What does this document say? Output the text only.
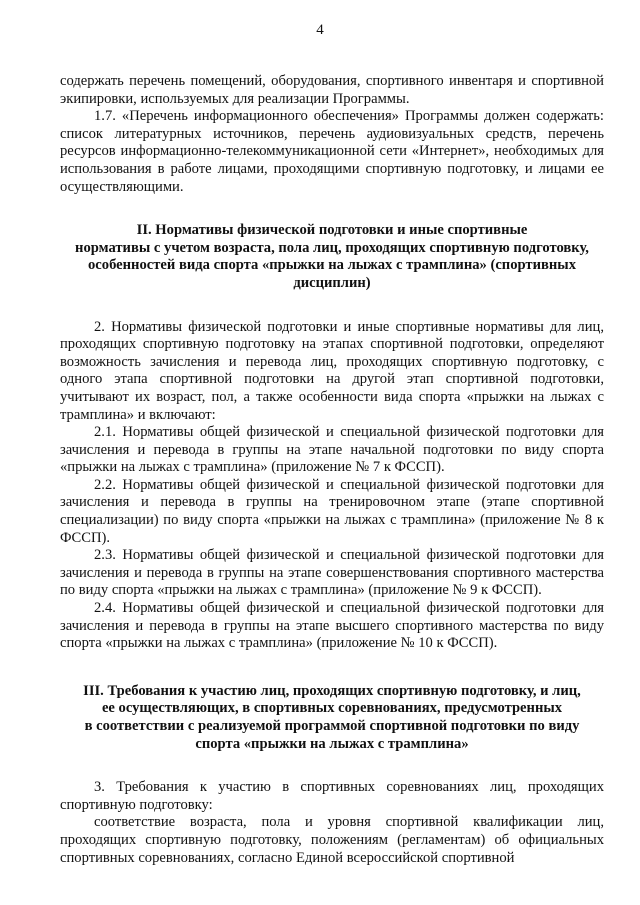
4

содержать перечень помещений, оборудования, спортивного инвентаря и спортивной экипировки, используемых для реализации Программы.

1.7. «Перечень информационного обеспечения» Программы должен содержать: список литературных источников, перечень аудиовизуальных средств, перечень ресурсов информационно-телекоммуникационной сети «Интернет», необходимых для использования в работе лицами, проходящими спортивную подготовку, и лицами ее осуществляющими.

II. Нормативы физической подготовки и иные спортивные

нормативы с учетом возраста, пола лиц, проходящих спортивную подготовку,

особенностей вида спорта «прыжки на лыжах с трамплина» (спортивных

дисциплин)

2. Нормативы физической подготовки и иные спортивные нормативы для лиц, проходящих спортивную подготовку на этапах спортивной подготовки, определяют возможность зачисления и перевода лиц, проходящих спортивную подготовку, с одного этапа спортивной подготовки на другой этап спортивной подготовки, учитывают их возраст, пол, а также особенности вида спорта «прыжки на лыжах с трамплина» и включают:

2.1. Нормативы общей физической и специальной физической подготовки для зачисления и перевода в группы на этапе начальной подготовки по виду спорта «прыжки на лыжах с трамплина» (приложение № 7 к ФССП).

2.2. Нормативы общей физической и специальной физической подготовки для зачисления и перевода в группы на тренировочном этапе (этапе спортивной специализации) по виду спорта «прыжки на лыжах с трамплина» (приложение № 8 к ФССП).

2.3. Нормативы общей физической и специальной физической подготовки для зачисления и перевода в группы на этапе совершенствования спортивного мастерства по виду спорта «прыжки на лыжах с трамплина» (приложение № 9 к ФССП).

2.4. Нормативы общей физической и специальной физической подготовки для зачисления и перевода в группы на этапе высшего спортивного мастерства по виду спорта «прыжки на лыжах с трамплина» (приложение № 10 к ФССП).

III. Требования к участию лиц, проходящих спортивную подготовку, и лиц,

ее осуществляющих, в спортивных соревнованиях, предусмотренных

в соответствии с реализуемой программой спортивной подготовки по виду

спорта «прыжки на лыжах с трамплина»

3. Требования к участию в спортивных соревнованиях лиц, проходящих спортивную подготовку:

соответствие возраста, пола и уровня спортивной квалификации лиц, проходящих спортивную подготовку, положениям (регламентам) об официальных спортивных соревнованиях, согласно Единой всероссийской спортивной
